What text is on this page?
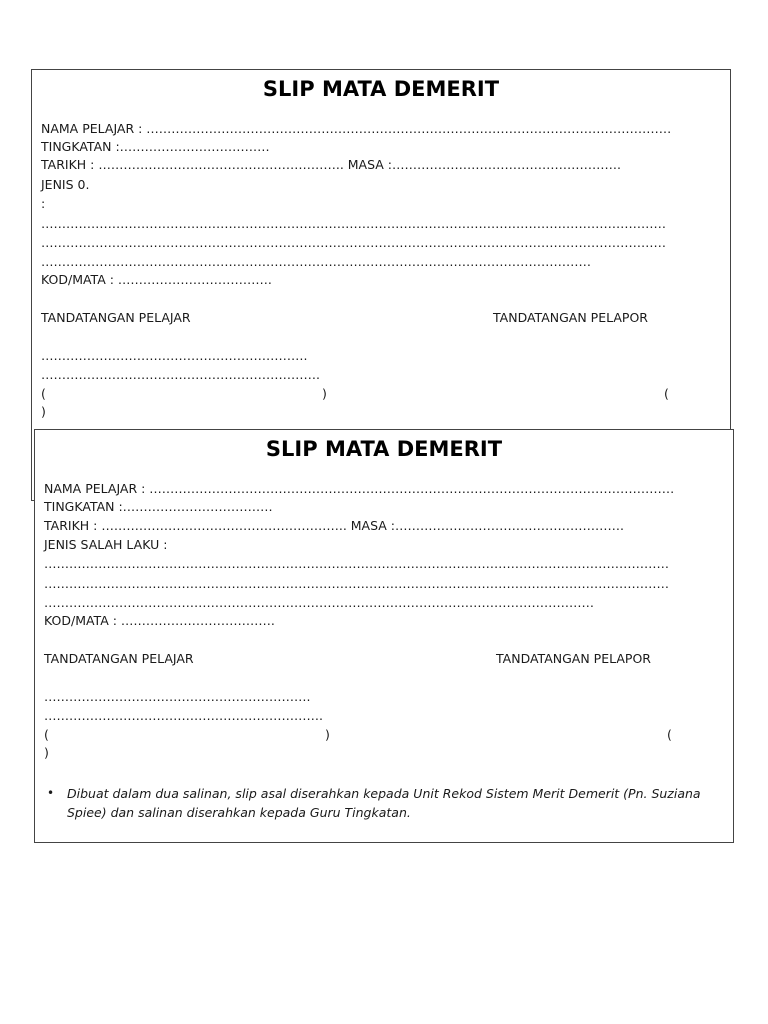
SLIP MATA DEMERIT
NAMA PELAJAR : ………………………………………………………………………………………………………………
TINGKATAN :………………………………
TARIKH : ………………………………………………….. MASA :……………………………………………….
JENIS 0.
:
……………………………………………………………………………………………………………………………………
……………………………………………………………………………………………………………………………………
……………………………………………………………………………………………………………………
KOD/MATA : ……………………………….
TANDATANGAN PELAJAR	TANDATANGAN PELAPOR
……………………………………………………….
………………………………………………………….
(	)	(
)
SLIP MATA DEMERIT
NAMA PELAJAR : ………………………………………………………………………………………………………………
TINGKATAN :………………………………
TARIKH : ………………………………………………….. MASA :……………………………………………….
JENIS SALAH LAKU :
……………………………………………………………………………………………………………………………………
……………………………………………………………………………………………………………………………………
……………………………………………………………………………………………………………………
KOD/MATA : ……………………………….
TANDATANGAN PELAJAR	TANDATANGAN PELAPOR
……………………………………………………….
………………………………………………………….
(	)	(
)
• Dibuat dalam dua salinan, slip asal diserahkan kepada Unit Rekod Sistem Merit Demerit (Pn. Suziana Spiee) dan salinan diserahkan kepada Guru Tingkatan.
